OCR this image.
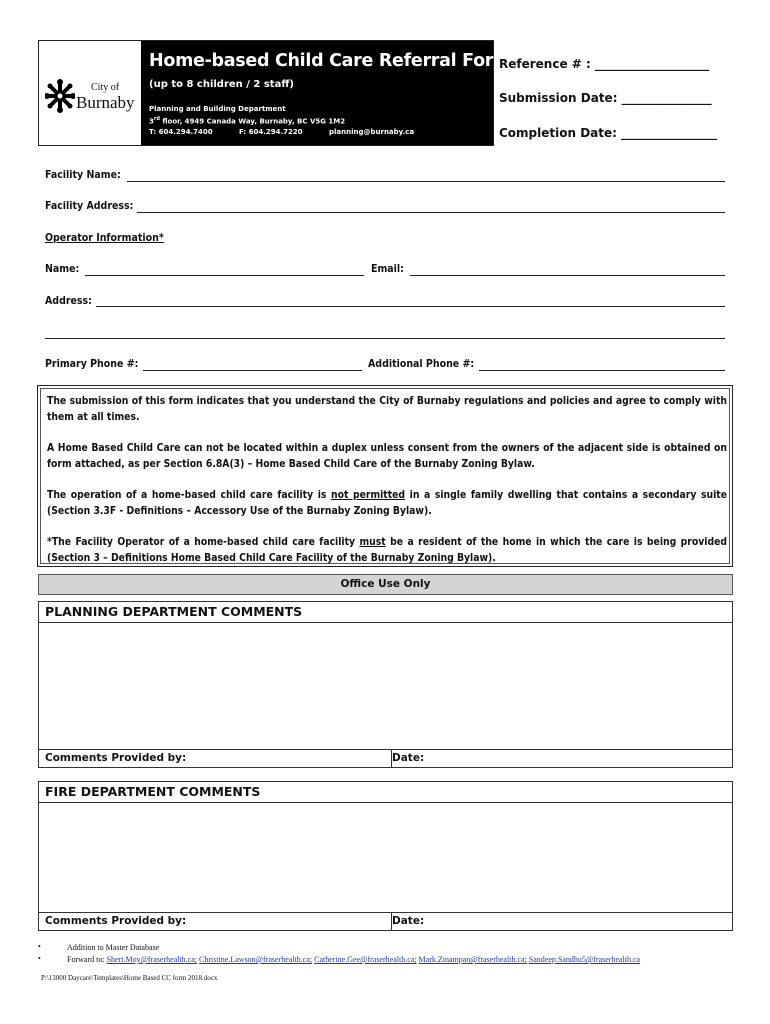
City of
Burnaby
Home-based Child Care Referral Form
(up to 8 children / 2 staff)
Planning and Building Department
3rd floor, 4949 Canada Way, Burnaby, BC V5G 1M2
T: 604.294.7400	F: 604.294.7220	planning@burnaby.ca
Reference # : ___________________
Submission Date: _______________
Completion Date: ________________
Facility Name:
Facility Address:
Operator Information*
Name:	Email:
Address:
Primary Phone #:	Additional Phone #:
The submission of this form indicates that you understand the City of Burnaby regulations and policies and agree to comply with them at all times.
A Home Based Child Care can not be located within a duplex unless consent from the owners of the adjacent side is obtained on form attached, as per Section 6.8A(3) – Home Based Child Care of the Burnaby Zoning Bylaw.
The operation of a home-based child care facility is not permitted in a single family dwelling that contains a secondary suite (Section 3.3F - Definitions – Accessory Use of the Burnaby Zoning Bylaw).
*The Facility Operator of a home-based child care facility must be a resident of the home in which the care is being provided (Section 3 – Definitions Home Based Child Care Facility of the Burnaby Zoning Bylaw).
Office Use Only
PLANNING DEPARTMENT COMMENTS
Comments Provided by:	Date:
FIRE DEPARTMENT COMMENTS
Comments Provided by:	Date:
•	Addition to Master Database
•	Forward to: Sheri.Moy@fraserhealth.ca; Christine.Lawson@fraserhealth.ca; Catherine.Gee@fraserhealth.ca; Mark.Zinampan@fraserhealth.ca; Sandeep.Sandhu5@fraserhealth.ca
P:\13000 Daycare\Templates\Home Based CC form 2018.docx
